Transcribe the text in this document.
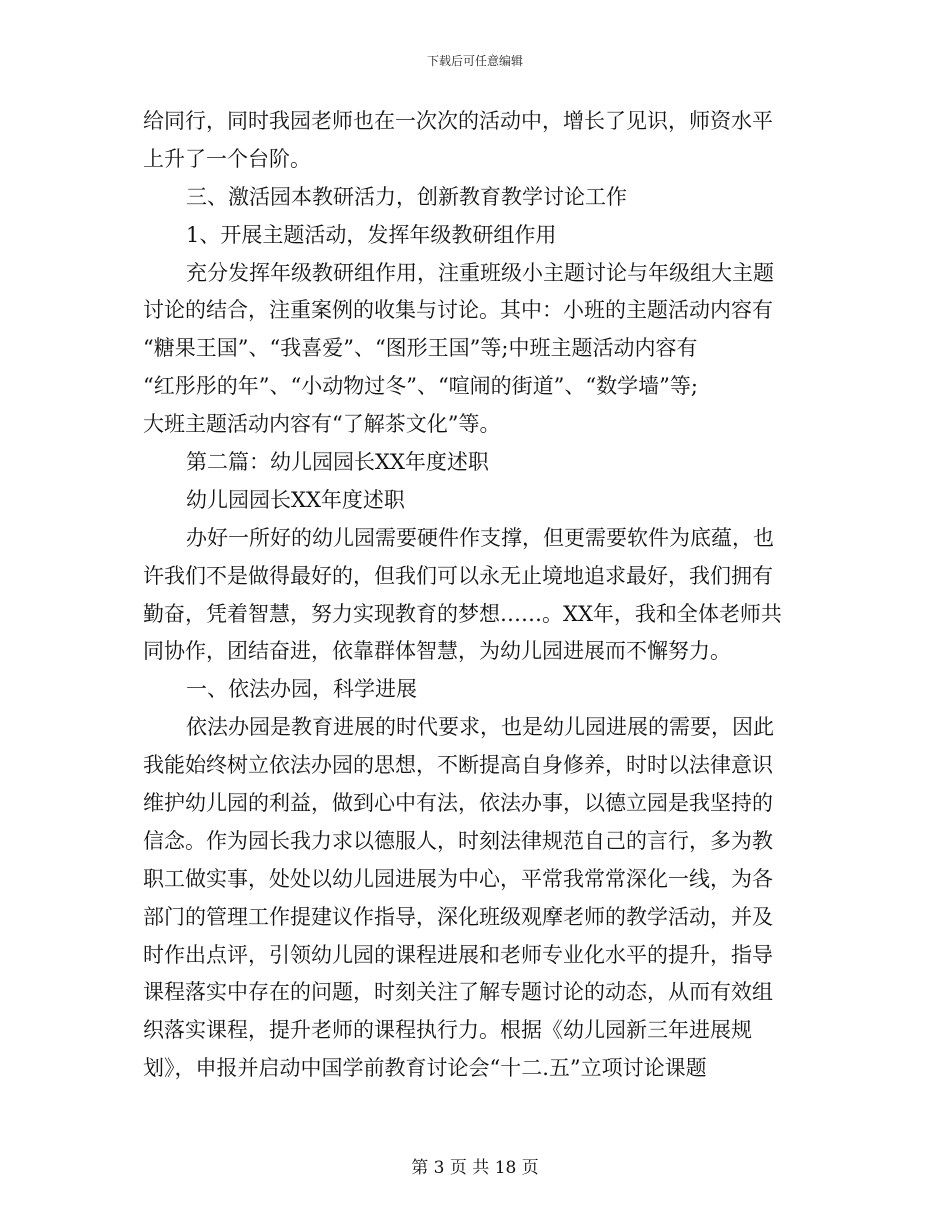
下载后可任意编辑
给同行，同时我园老师也在一次次的活动中，增长了见识，师资水平
上升了一个台阶。
三、激活园本教研活力，创新教育教学讨论工作
1、开展主题活动，发挥年级教研组作用
充分发挥年级教研组作用，注重班级小主题讨论与年级组大主题
讨论的结合，注重案例的收集与讨论。其中：小班的主题活动内容有
“糖果王国”、“我喜爱”、“图形王国”等;中班主题活动内容有
“红彤彤的年”、“小动物过冬”、“喧闹的街道”、“数学墙”等;
大班主题活动内容有“了解茶文化”等。
第二篇：幼儿园园长XX年度述职
幼儿园园长XX年度述职
办好一所好的幼儿园需要硬件作支撑，但更需要软件为底蕴，也
许我们不是做得最好的，但我们可以永无止境地追求最好，我们拥有
勤奋，凭着智慧，努力实现教育的梦想……。XX年，我和全体老师共
同协作，团结奋进，依靠群体智慧，为幼儿园进展而不懈努力。
一、依法办园，科学进展
依法办园是教育进展的时代要求，也是幼儿园进展的需要，因此
我能始终树立依法办园的思想，不断提高自身修养，时时以法律意识
维护幼儿园的利益，做到心中有法，依法办事，以德立园是我坚持的
信念。作为园长我力求以德服人，时刻法律规范自己的言行，多为教
职工做实事，处处以幼儿园进展为中心，平常我常常深化一线，为各
部门的管理工作提建议作指导，深化班级观摩老师的教学活动，并及
时作出点评，引领幼儿园的课程进展和老师专业化水平的提升，指导
课程落实中存在的问题，时刻关注了解专题讨论的动态，从而有效组
织落实课程，提升老师的课程执行力。根据《幼儿园新三年进展规
划》，申报并启动中国学前教育讨论会“十二.五”立项讨论课题
第 3 页 共 18 页
